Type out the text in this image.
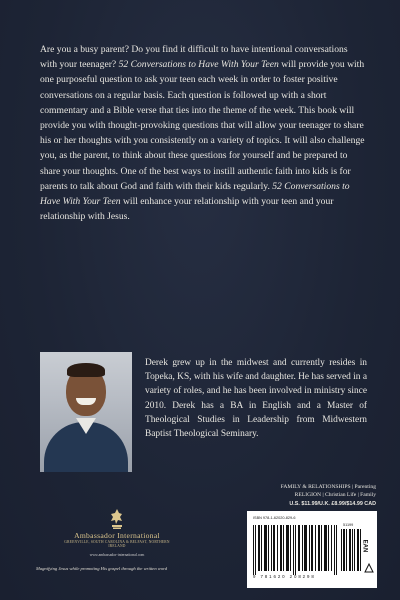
Are you a busy parent? Do you find it difficult to have intentional conversations with your teenager? 52 Conversations to Have With Your Teen will provide you with one purposeful question to ask your teen each week in order to foster positive conversations on a regular basis. Each question is followed up with a short commentary and a Bible verse that ties into the theme of the week. This book will provide you with thought-provoking questions that will allow your teenager to share his or her thoughts with you consistently on a variety of topics. It will also challenge you, as the parent, to think about these questions for yourself and be prepared to share your thoughts. One of the best ways to instill authentic faith into kids is for parents to talk about God and faith with their kids regularly. 52 Conversations to Have With Your Teen will enhance your relationship with your teen and your relationship with Jesus.
Derek grew up in the midwest and currently resides in Topeka, KS, with his wife and daughter. He has served in a variety of roles, and he has been involved in ministry since 2010. Derek has a BA in English and a Master of Theological Studies in Leadership from Midwestern Baptist Theological Seminary.
Ambassador International
GREENVILLE, SOUTH CAROLINA & BELFAST, NORTHERN IRELAND
www.ambassador-international.com
Magnifying Jesus while promoting His gospel through the written word
FAMILY & RELATIONSHIPS | Parenting
RELIGION | Christian Life | Family
U.S. $11.99/U.K. £8.99/$14.99 CAD
ISBN 978-1-62020-829-6
51199
9 781620 208298
EAN
